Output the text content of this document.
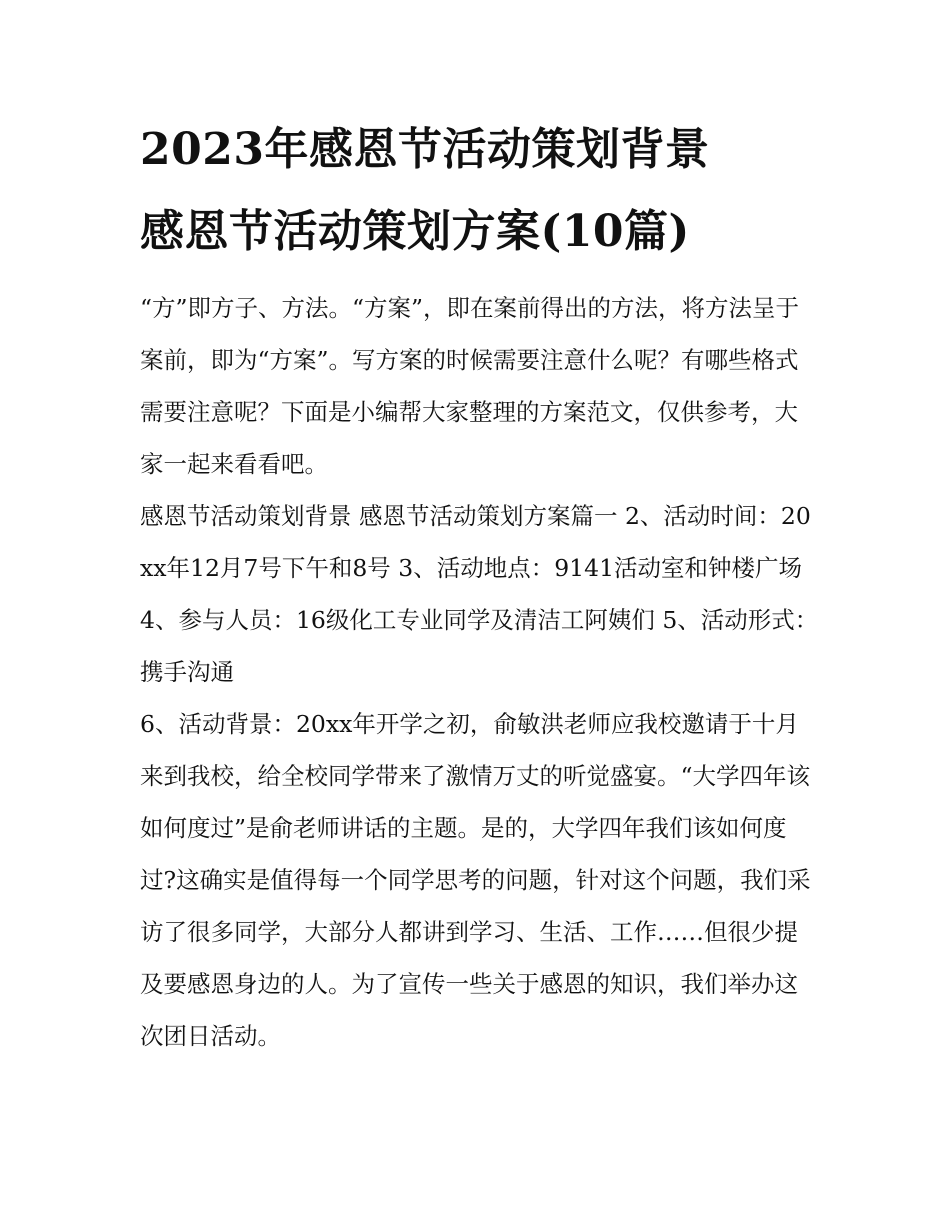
2023年感恩节活动策划背景
感恩节活动策划方案(10篇)

“方”即方子、方法。“方案”，即在案前得出的方法，将方法呈于案前，即为“方案”。写方案的时候需要注意什么呢？有哪些格式需要注意呢？下面是小编帮大家整理的方案范文，仅供参考，大家一起来看看吧。

感恩节活动策划背景 感恩节活动策划方案篇一 2、活动时间：20xx年12月7号下午和8号 3、活动地点：9141活动室和钟楼广场

4、参与人员：16级化工专业同学及清洁工阿姨们 5、活动形式：携手沟通

6、活动背景：20xx年开学之初，俞敏洪老师应我校邀请于十月来到我校，给全校同学带来了激情万丈的听觉盛宴。“大学四年该如何度过”是俞老师讲话的主题。是的，大学四年我们该如何度过?这确实是值得每一个同学思考的问题，针对这个问题，我们采访了很多同学，大部分人都讲到学习、生活、工作……但很少提及要感恩身边的人。为了宣传一些关于感恩的知识，我们举办这次团日活动。
